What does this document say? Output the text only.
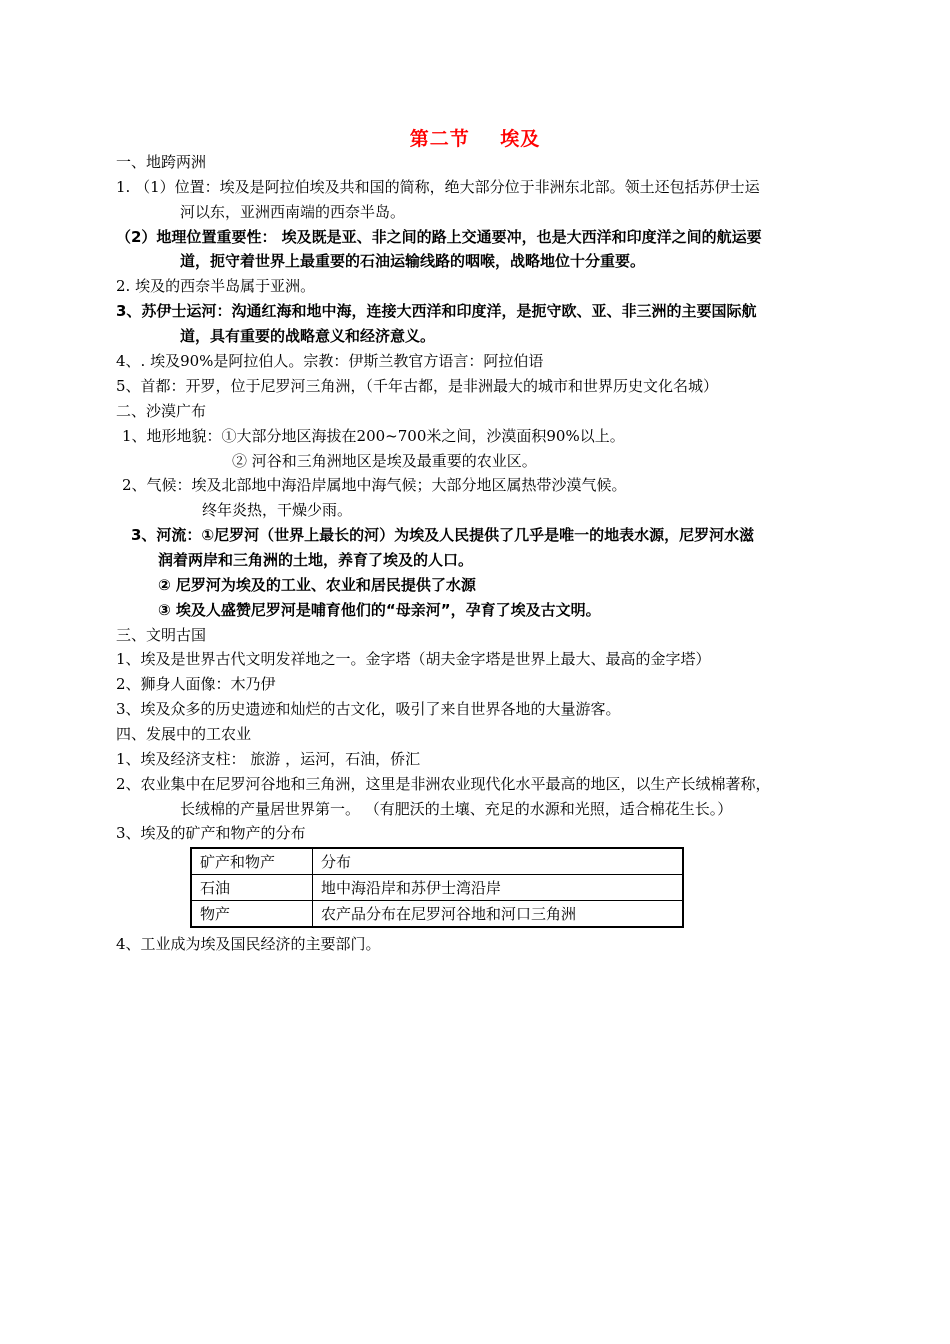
第二节    埃及
一、地跨两洲
1. （1）位置：埃及是阿拉伯埃及共和国的简称，绝大部分位于非洲东北部。领土还包括苏伊士运
河以东，亚洲西南端的西奈半岛。
（2）地理位置重要性： 埃及既是亚、非之间的路上交通要冲，也是大西洋和印度洋之间的航运要
道，扼守着世界上最重要的石油运输线路的咽喉，战略地位十分重要。
2. 埃及的西奈半岛属于亚洲。
3、苏伊士运河：沟通红海和地中海，连接大西洋和印度洋，是扼守欧、亚、非三洲的主要国际航
道，具有重要的战略意义和经济意义。
4、. 埃及90%是阿拉伯人。宗教：伊斯兰教官方语言：阿拉伯语
5、首都：开罗，位于尼罗河三角洲，（千年古都，是非洲最大的城市和世界历史文化名城）
二、沙漠广布
1、地形地貌：①大部分地区海拔在200~700米之间，沙漠面积90%以上。
② 河谷和三角洲地区是埃及最重要的农业区。
2、气候：埃及北部地中海沿岸属地中海气候；大部分地区属热带沙漠气候。
终年炎热，干燥少雨。
3、河流：①尼罗河（世界上最长的河）为埃及人民提供了几乎是唯一的地表水源，尼罗河水滋
润着两岸和三角洲的土地，养育了埃及的人口。
② 尼罗河为埃及的工业、农业和居民提供了水源
③ 埃及人盛赞尼罗河是哺育他们的“母亲河”，孕育了埃及古文明。
三、文明古国
1、埃及是世界古代文明发祥地之一。金字塔（胡夫金字塔是世界上最大、最高的金字塔）
2、狮身人面像：木乃伊
3、埃及众多的历史遗迹和灿烂的古文化，吸引了来自世界各地的大量游客。
四、发展中的工农业
1、埃及经济支柱： 旅游 ，运河，石油，侨汇
2、农业集中在尼罗河谷地和三角洲，这里是非洲农业现代化水平最高的地区，以生产长绒棉著称，
长绒棉的产量居世界第一。 （有肥沃的土壤、充足的水源和光照，适合棉花生长。）
3、埃及的矿产和物产的分布
矿产和物产	分布
石油	地中海沿岸和苏伊士湾沿岸
物产	农产品分布在尼罗河谷地和河口三角洲
4、工业成为埃及国民经济的主要部门。
